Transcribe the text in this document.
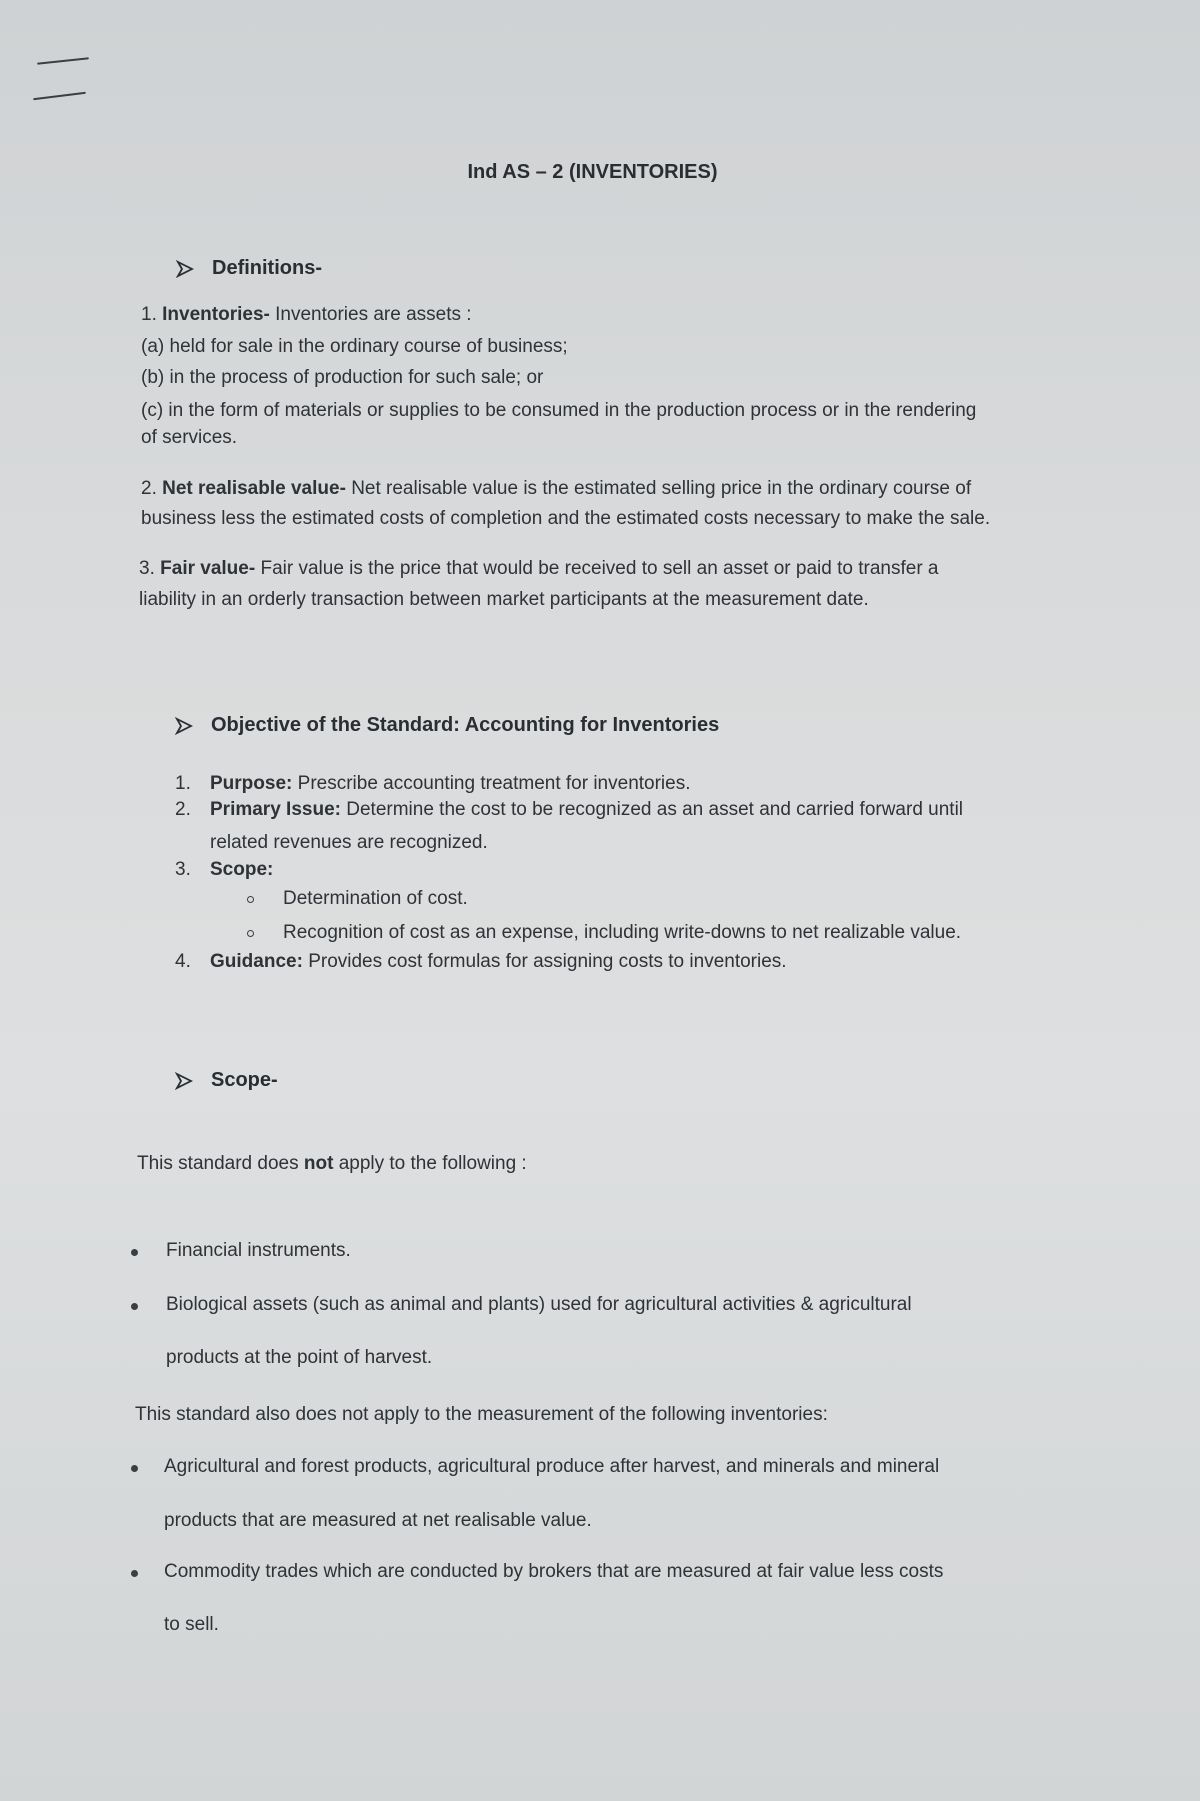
Ind AS – 2 (INVENTORIES)
Definitions-
1. Inventories- Inventories are assets :
(a) held for sale in the ordinary course of business;
(b) in the process of production for such sale; or
(c) in the form of materials or supplies to be consumed in the production process or in the rendering
of services.
2. Net realisable value- Net realisable value is the estimated selling price in the ordinary course of
business less the estimated costs of completion and the estimated costs necessary to make the sale.
3. Fair value- Fair value is the price that would be received to sell an asset or paid to transfer a
liability in an orderly transaction between market participants at the measurement date.
Objective of the Standard: Accounting for Inventories
1. Purpose: Prescribe accounting treatment for inventories.
2. Primary Issue: Determine the cost to be recognized as an asset and carried forward until
related revenues are recognized.
3. Scope:
Determination of cost.
Recognition of cost as an expense, including write-downs to net realizable value.
4. Guidance: Provides cost formulas for assigning costs to inventories.
Scope-
This standard does not apply to the following :
Financial instruments.
Biological assets (such as animal and plants) used for agricultural activities & agricultural
products at the point of harvest.
This standard also does not apply to the measurement of the following inventories:
Agricultural and forest products, agricultural produce after harvest, and minerals and mineral
products that are measured at net realisable value.
Commodity trades which are conducted by brokers that are measured at fair value less costs
to sell.
